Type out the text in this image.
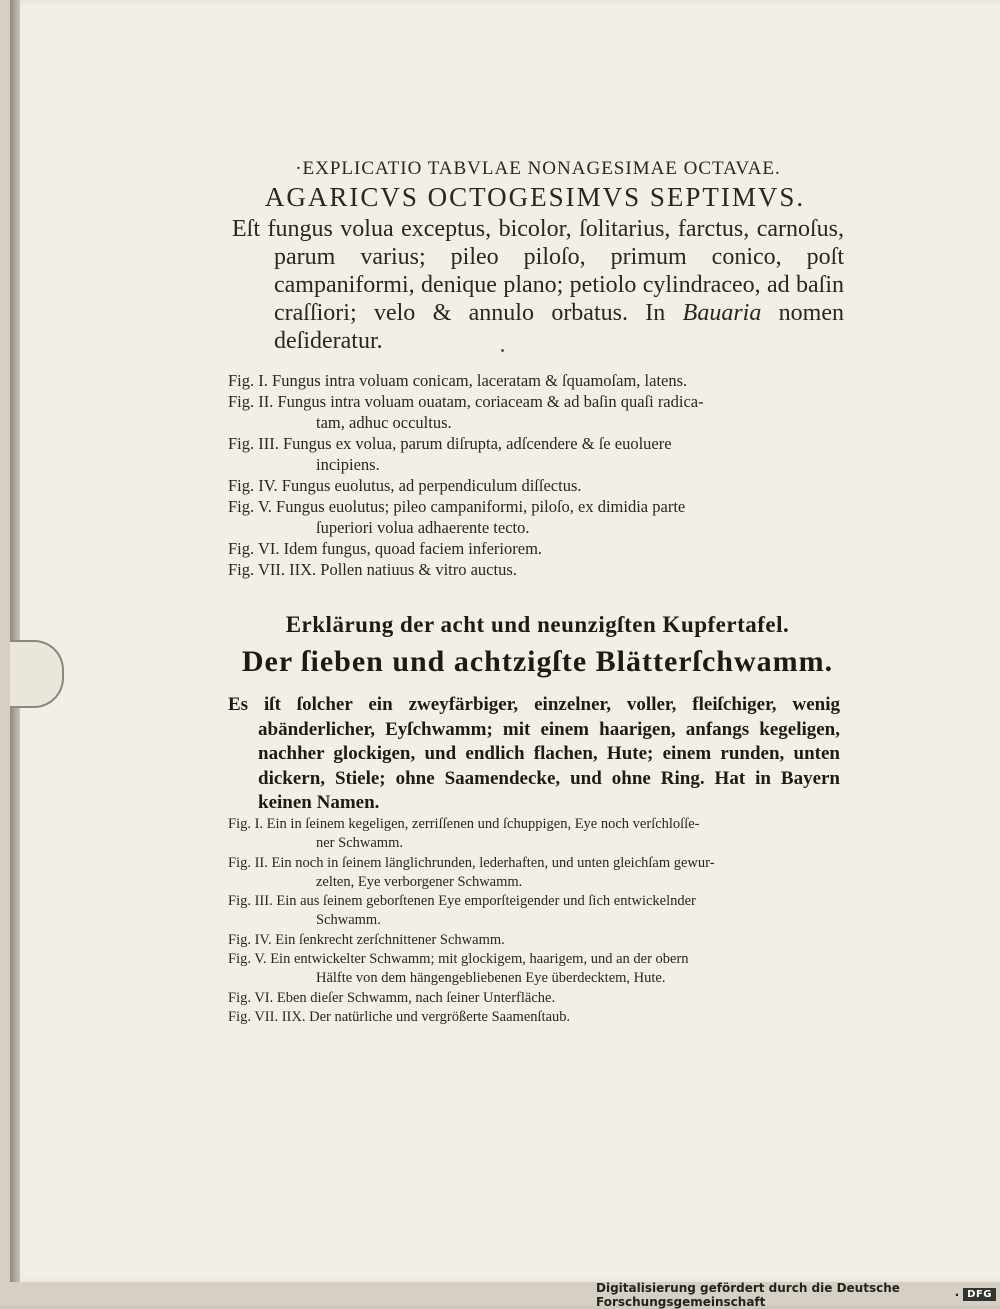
·EXPLICATIO TABVLAE NONAGESIMAE OCTAVAE.
AGARICVS OCTOGESIMVS SEPTIMVS.
Eſt fungus volua exceptus, bicolor, ſolitarius, farctus, carnoſus, parum varius; pileo piloſo, primum conico, poſt campaniformi, denique plano; petiolo cylindraceo, ad baſin craſſiori; velo & annulo orbatus. In Bauaria nomen deſideratur.
Fig. I.
Fungus intra voluam conicam, laceratam & ſquamoſam, latens.
Fig. II.
Fungus intra voluam ouatam, coriaceam & ad baſin quaſi radica-
tam, adhuc occultus.
Fig. III.
Fungus ex volua, parum diſrupta, adſcendere & ſe euoluere
incipiens.
Fig. IV.
Fungus euolutus, ad perpendiculum diſſectus.
Fig. V.
Fungus euolutus; pileo campaniformi, piloſo, ex dimidia parte
ſuperiori volua adhaerente tecto.
Fig. VI.
Idem fungus, quoad faciem inferiorem.
Fig. VII. IIX.
Pollen natiuus & vitro auctus.
Erklärung der acht und neunzigſten Kupfertafel.
Der ſieben und achtzigſte Blätterſchwamm.
Es iſt ſolcher ein zweyfärbiger, einzelner, voller, fleiſchiger, wenig abänderlicher, Eyſchwamm; mit einem haarigen, anfangs kegeligen, nachher glockigen, und endlich flachen, Hute; einem runden, unten dickern, Stiele; ohne Saamendecke, und ohne Ring. Hat in Bayern keinen Namen.
Fig. I.
Ein in ſeinem kegeligen, zerriſſenen und ſchuppigen, Eye noch verſchloſſe-
ner Schwamm.
Fig. II.
Ein noch in ſeinem länglichrunden, lederhaften, und unten gleichſam gewur-
zelten, Eye verborgener Schwamm.
Fig. III.
Ein aus ſeinem geborſtenen Eye emporſteigender und ſich entwickelnder
Schwamm.
Fig. IV.
Ein ſenkrecht zerſchnittener Schwamm.
Fig. V.
Ein entwickelter Schwamm; mit glockigem, haarigem, und an der obern
Hälfte von dem hängengebliebenen Eye überdecktem, Hute.
Fig. VI.
Eben dieſer Schwamm, nach ſeiner Unterfläche.
Fig. VII. IIX.
Der natürliche und vergrößerte Saamenſtaub.
Digitalisierung gefördert durch die Deutsche Forschungsgemeinschaft	· DFG
